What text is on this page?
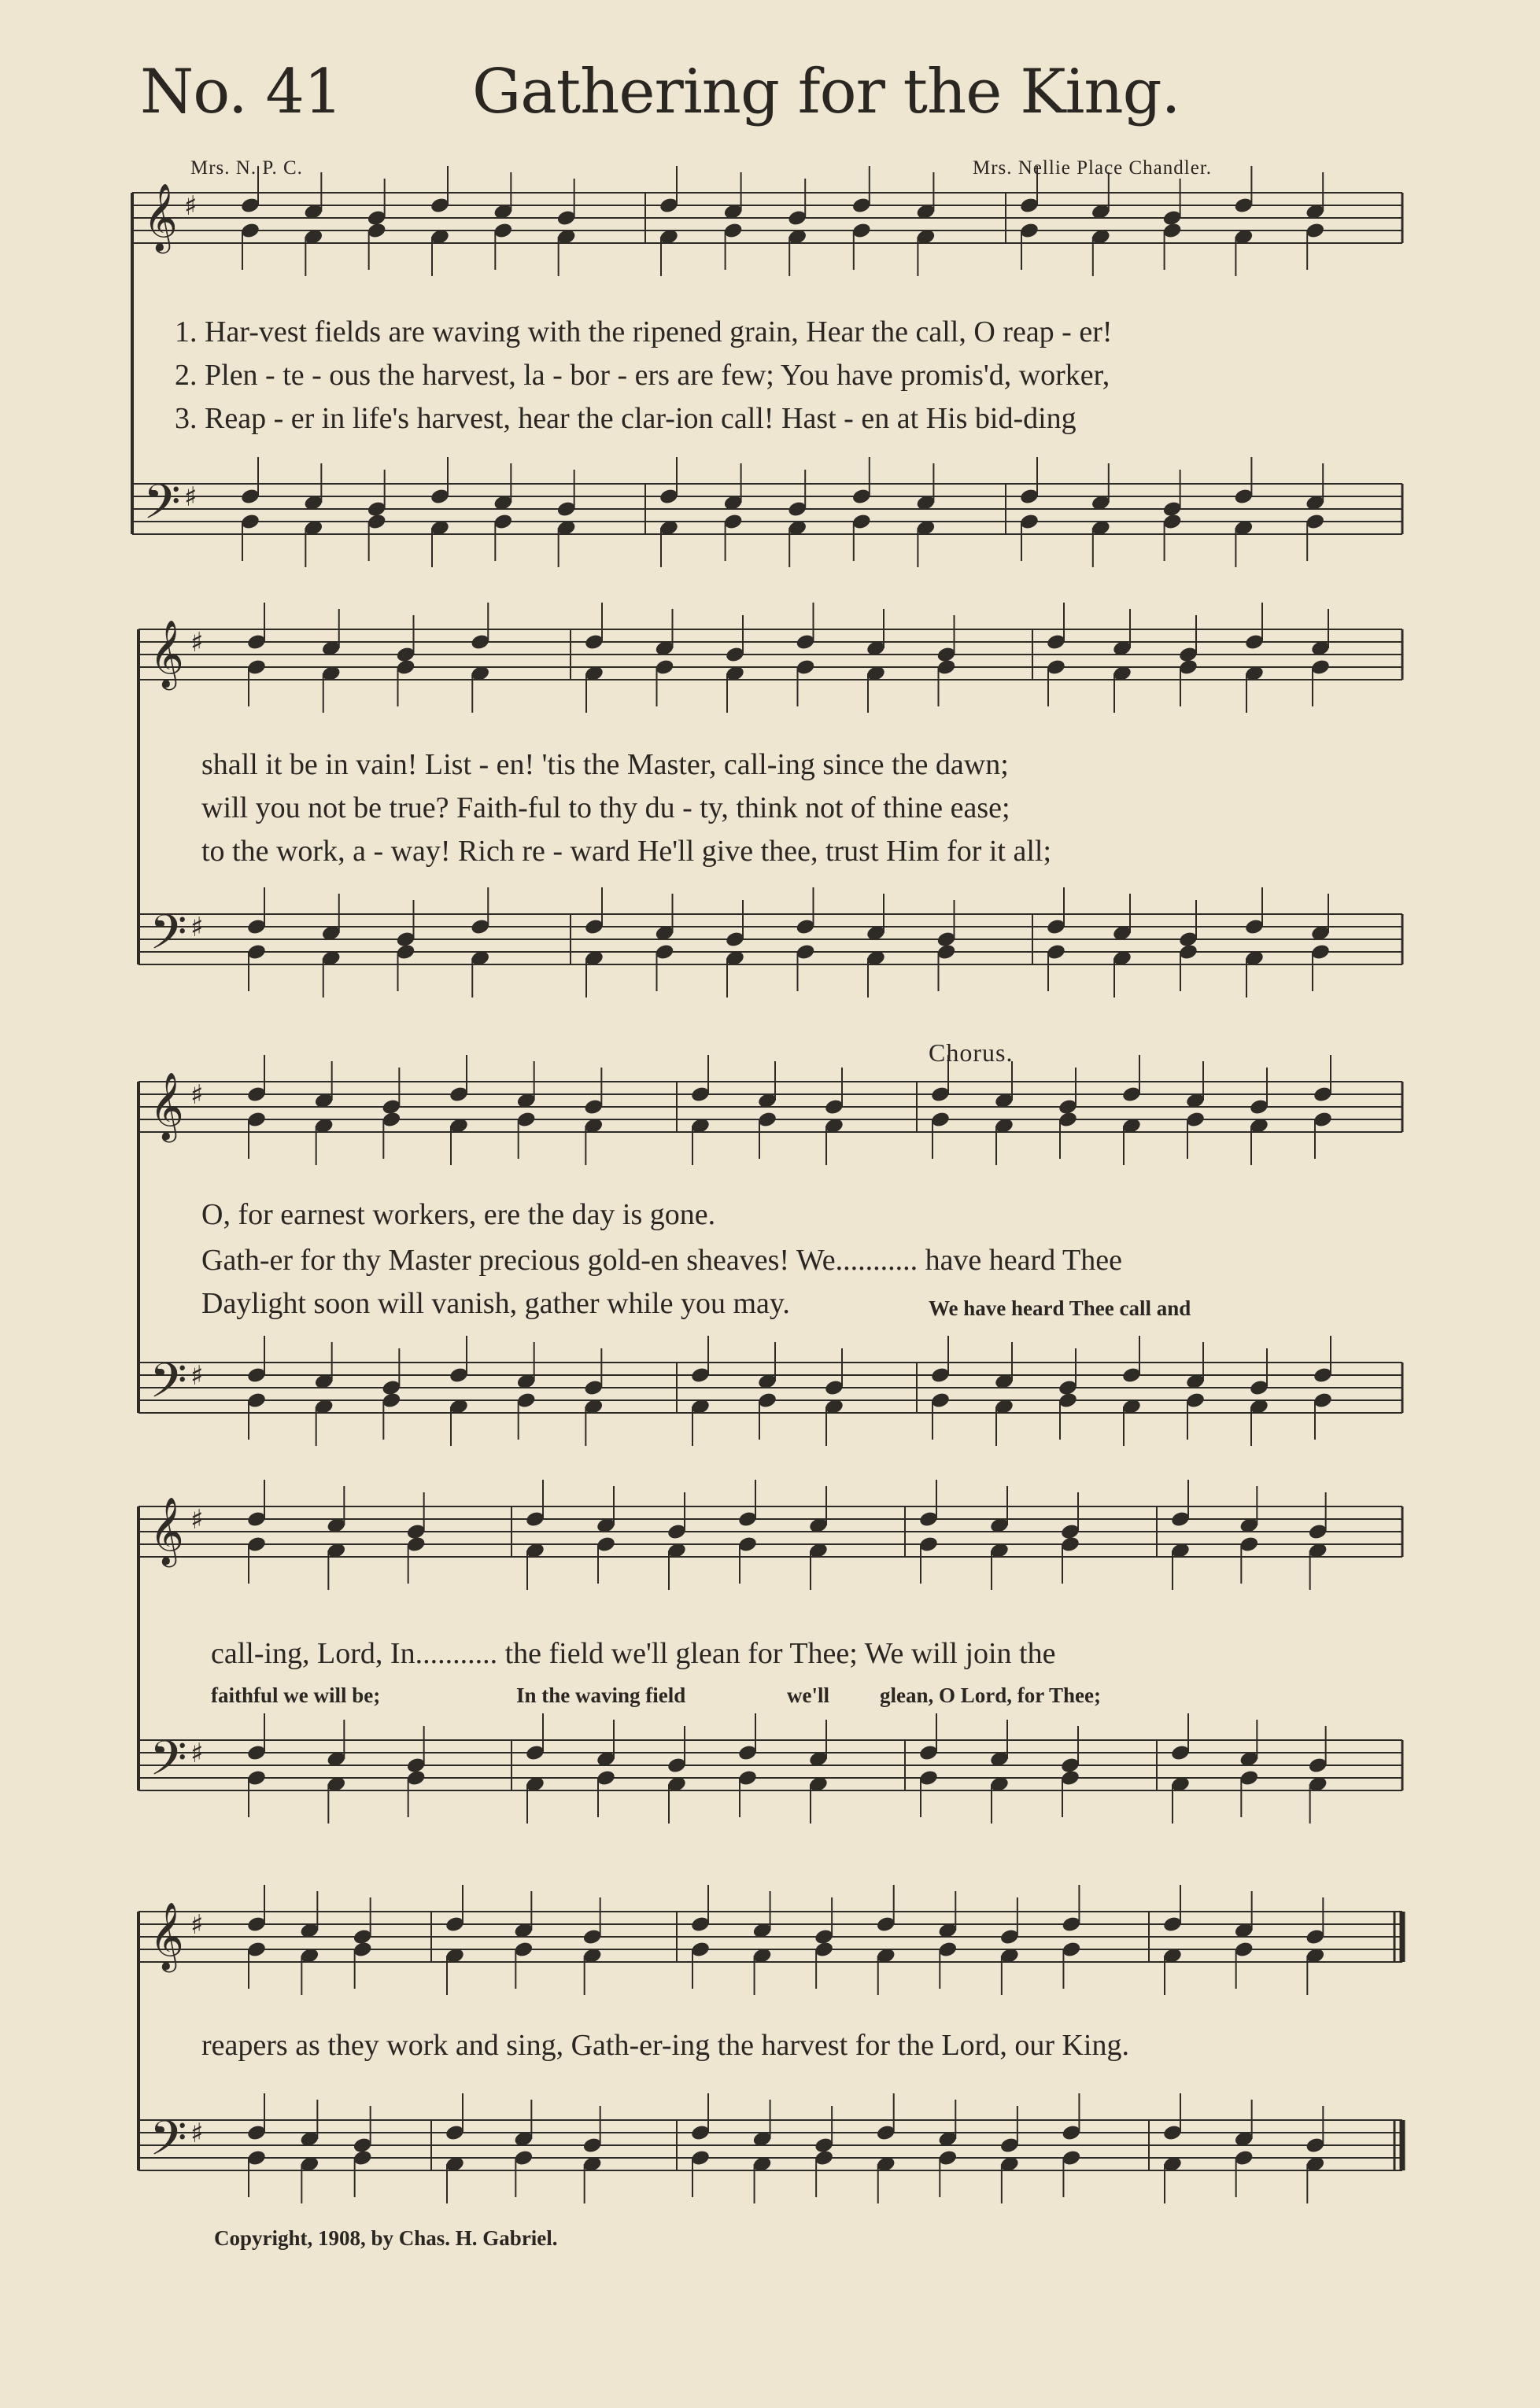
No. 41 Gathering for the King.
Mrs. N. P. C.	Mrs. Nellie Place Chandler.
𝄞 ♯
𝄢 ♯
𝄞 ♯
𝄢 ♯
𝄞 ♯
𝄢 ♯
𝄞 ♯
𝄢 ♯
𝄞 ♯
𝄢 ♯
1. Har-vest fields are waving with the ripened grain, Hear the call, O reap - er!
2. Plen - te - ous the harvest, la - bor - ers are few; You have promis'd, worker,
3. Reap - er in life's harvest, hear the clar-ion call! Hast - en at His bid-ding
shall it be in vain! List - en! 'tis the Master, call-ing since the dawn;
will you not be true? Faith-ful to thy du - ty, think not of thine ease;
to the work, a - way! Rich re - ward He'll give thee, trust Him for it all;
Chorus.
O, for earnest workers, ere the day is gone.
Gath-er for thy Master precious gold-en sheaves! We........... have heard Thee
Daylight soon will vanish, gather while you may.	We have heard Thee call and
call-ing, Lord, In........... the field we'll glean for Thee; We will join the
faithful we will be;	In the waving field	we'll glean, O Lord, for Thee;
reapers as they work and sing, Gath-er-ing the harvest for the Lord, our King.
Copyright, 1908, by Chas. H. Gabriel.
